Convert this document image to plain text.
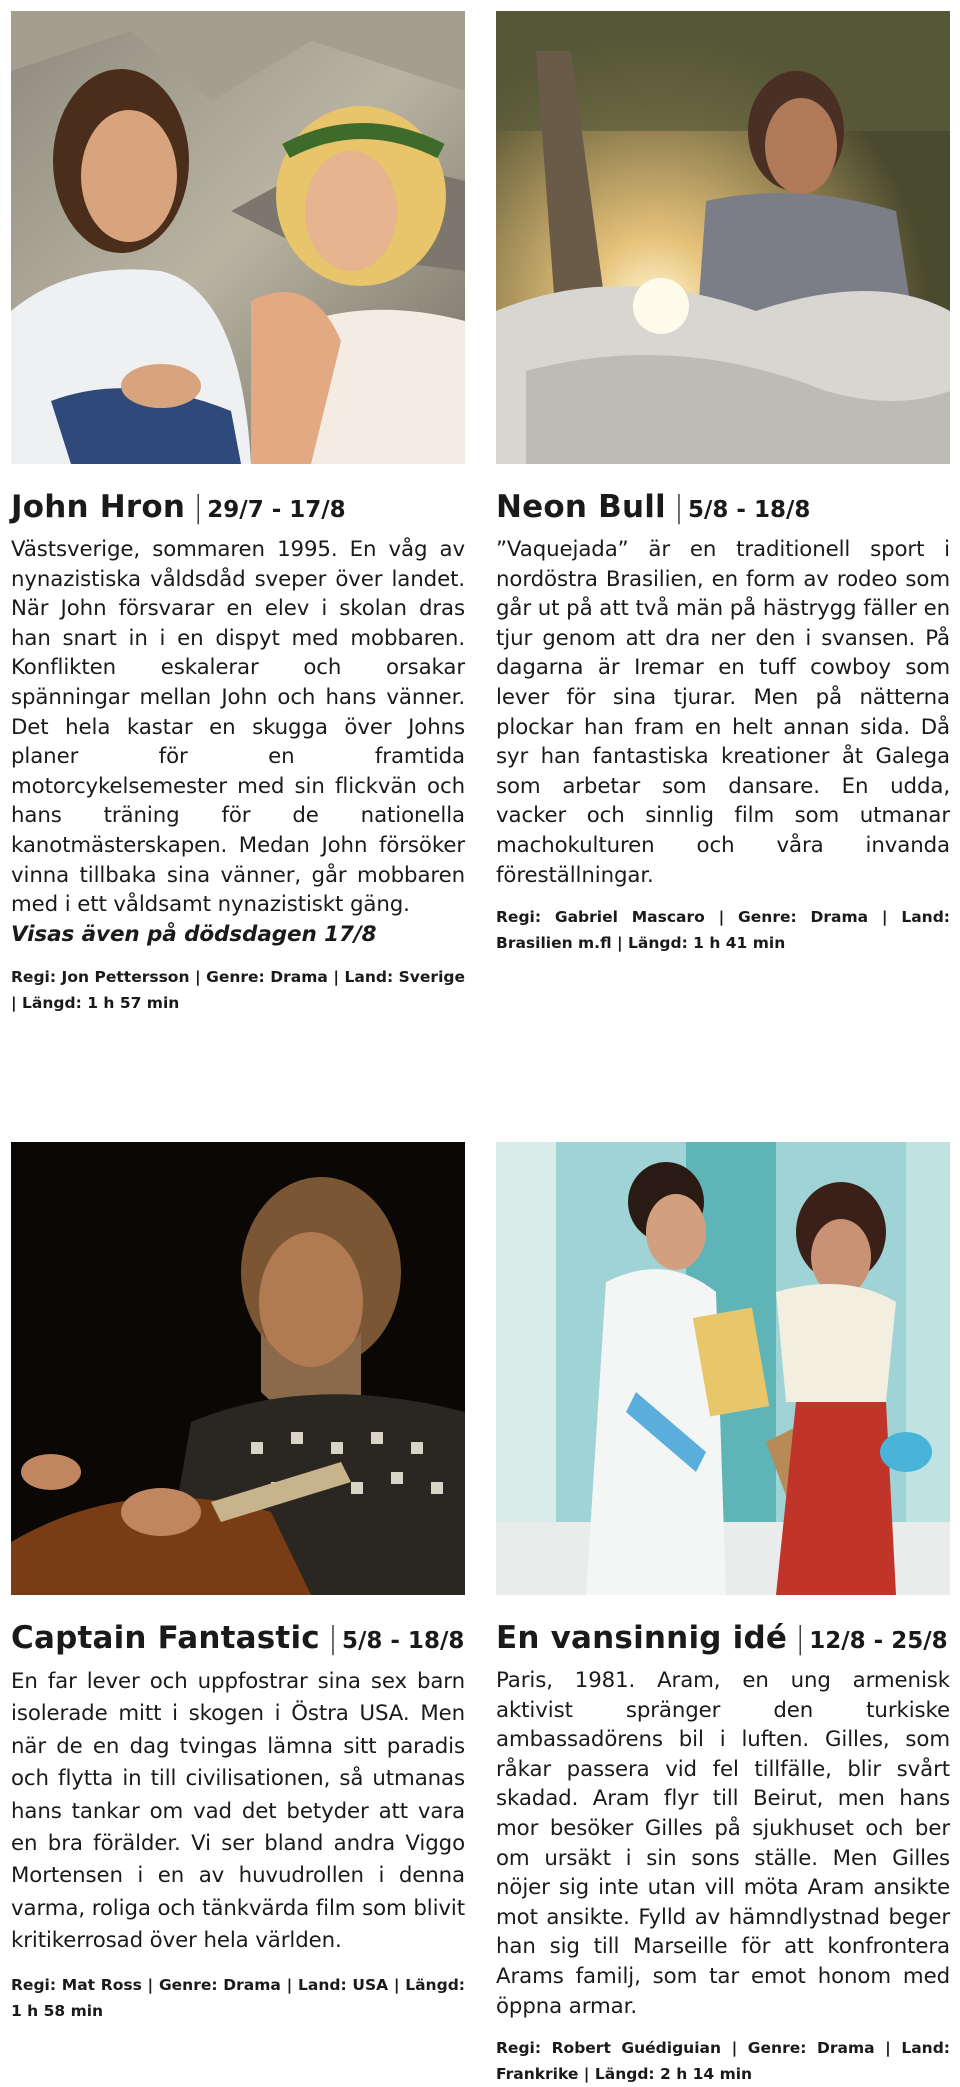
John Hron | 29/7 - 17/8
Västsverige, sommaren 1995. En våg av nynazistiska våldsdåd sveper över landet. När John försvarar en elev i skolan dras han snart in i en dispyt med mobbaren. Konflikten eskalerar och orsakar spänningar mellan John och hans vänner. Det hela kastar en skugga över Johns planer för en framtida motorcykelsemester med sin flickvän och hans träning för de nationella kanotmästerskapen. Medan John försöker vinna tillbaka sina vänner, går mobbaren med i ett våldsamt nynazistiskt gäng.
Visas även på dödsdagen 17/8
Regi: Jon Pettersson | Genre: Drama | Land: Sverige | Längd: 1 h 57 min
Neon Bull | 5/8 - 18/8
”Vaquejada” är en traditionell sport i nordöstra Brasilien, en form av rodeo som går ut på att två män på hästrygg fäller en tjur genom att dra ner den i svansen. På dagarna är Iremar en tuff cowboy som lever för sina tjurar. Men på nätterna plockar han fram en helt annan sida. Då syr han fantastiska kreationer åt Galega som arbetar som dansare. En udda, vacker och sinnlig film som utmanar machokulturen och våra invanda föreställningar.
Regi: Gabriel Mascaro | Genre: Drama | Land: Brasilien m.fl | Längd: 1 h 41 min
Captain Fantastic | 5/8 - 18/8
En far lever och uppfostrar sina sex barn isolerade mitt i skogen i Östra USA. Men när de en dag tvingas lämna sitt paradis och flytta in till civilisationen, så utmanas hans tankar om vad det betyder att vara en bra förälder. Vi ser bland andra Viggo Mortensen i en av huvudrollen i denna varma, roliga och tänkvärda film som blivit kritikerrosad över hela världen.
Regi: Mat Ross | Genre: Drama | Land: USA | Längd: 1 h 58 min
En vansinnig idé | 12/8 - 25/8
Paris, 1981. Aram, en ung armenisk aktivist spränger den turkiske ambassadörens bil i luften. Gilles, som råkar passera vid fel tillfälle, blir svårt skadad. Aram flyr till Beirut, men hans mor besöker Gilles på sjukhuset och ber om ursäkt i sin sons ställe. Men Gilles nöjer sig inte utan vill möta Aram ansikte mot ansikte. Fylld av hämndlystnad beger han sig till Marseille för att konfrontera Arams familj, som tar emot honom med öppna armar.
Regi: Robert Guédiguian | Genre: Drama | Land: Frankrike | Längd: 2 h 14 min
